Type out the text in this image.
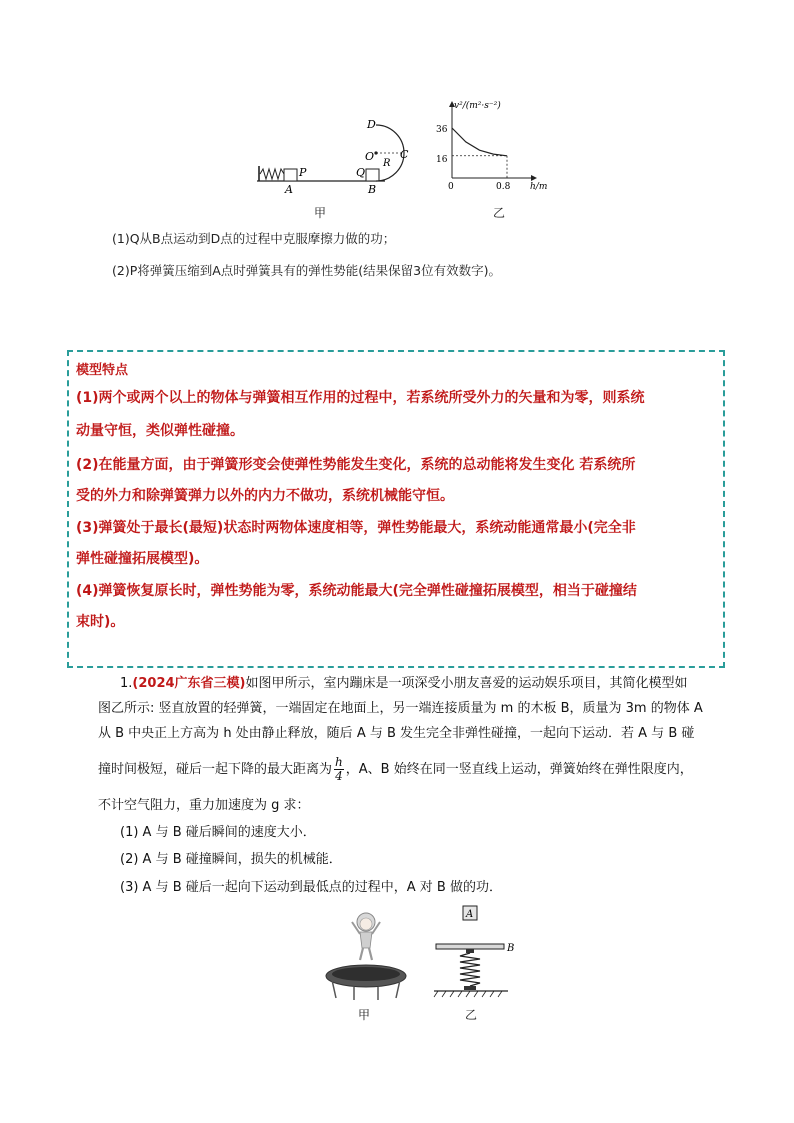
D
O
R
C
Q
P
A	B
甲
v²/(m²·s⁻²)
h/m
0
36
16
0.8
乙
(1)Q从B点运动到D点的过程中克服摩擦力做的功；
(2)P将弹簧压缩到A点时弹簧具有的弹性势能(结果保留3位有效数字)。
模型特点
(1)两个或两个以上的物体与弹簧相互作用的过程中，若系统所受外力的矢量和为零，则系统
动量守恒，类似弹性碰撞。
(2)在能量方面，由于弹簧形变会使弹性势能发生变化，系统的总动能将发生变化 若系统所
受的外力和除弹簧弹力以外的内力不做功，系统机械能守恒。
(3)弹簧处于最长(最短)状态时两物体速度相等，弹性势能最大，系统动能通常最小(完全非
弹性碰撞拓展模型)。
(4)弹簧恢复原长时，弹性势能为零，系统动能最大(完全弹性碰撞拓展模型，相当于碰撞结
束时)。
1.(2024广东省三模)如图甲所示，室内蹦床是一项深受小朋友喜爱的运动娱乐项目，其简化模型如
图乙所示: 竖直放置的轻弹簧，一端固定在地面上，另一端连接质量为 m 的木板 B，质量为 3m 的物体 A
从 B 中央正上方高为 h 处由静止释放，随后 A 与 B 发生完全非弹性碰撞，一起向下运动．若 A 与 B 碰
撞时间极短，碰后一起下降的最大距离为 $\frac{h}{4}$ ，A、B 始终在同一竖直线上运动，弹簧始终在弹性限度内，
不计空气阻力，重力加速度为 g 求：
(1) A 与 B 碰后瞬间的速度大小．
(2) A 与 B 碰撞瞬间，损失的机械能．
(3) A 与 B 碰后一起向下运动到最低点的过程中，A 对 B 做的功．
甲
A
B
乙
